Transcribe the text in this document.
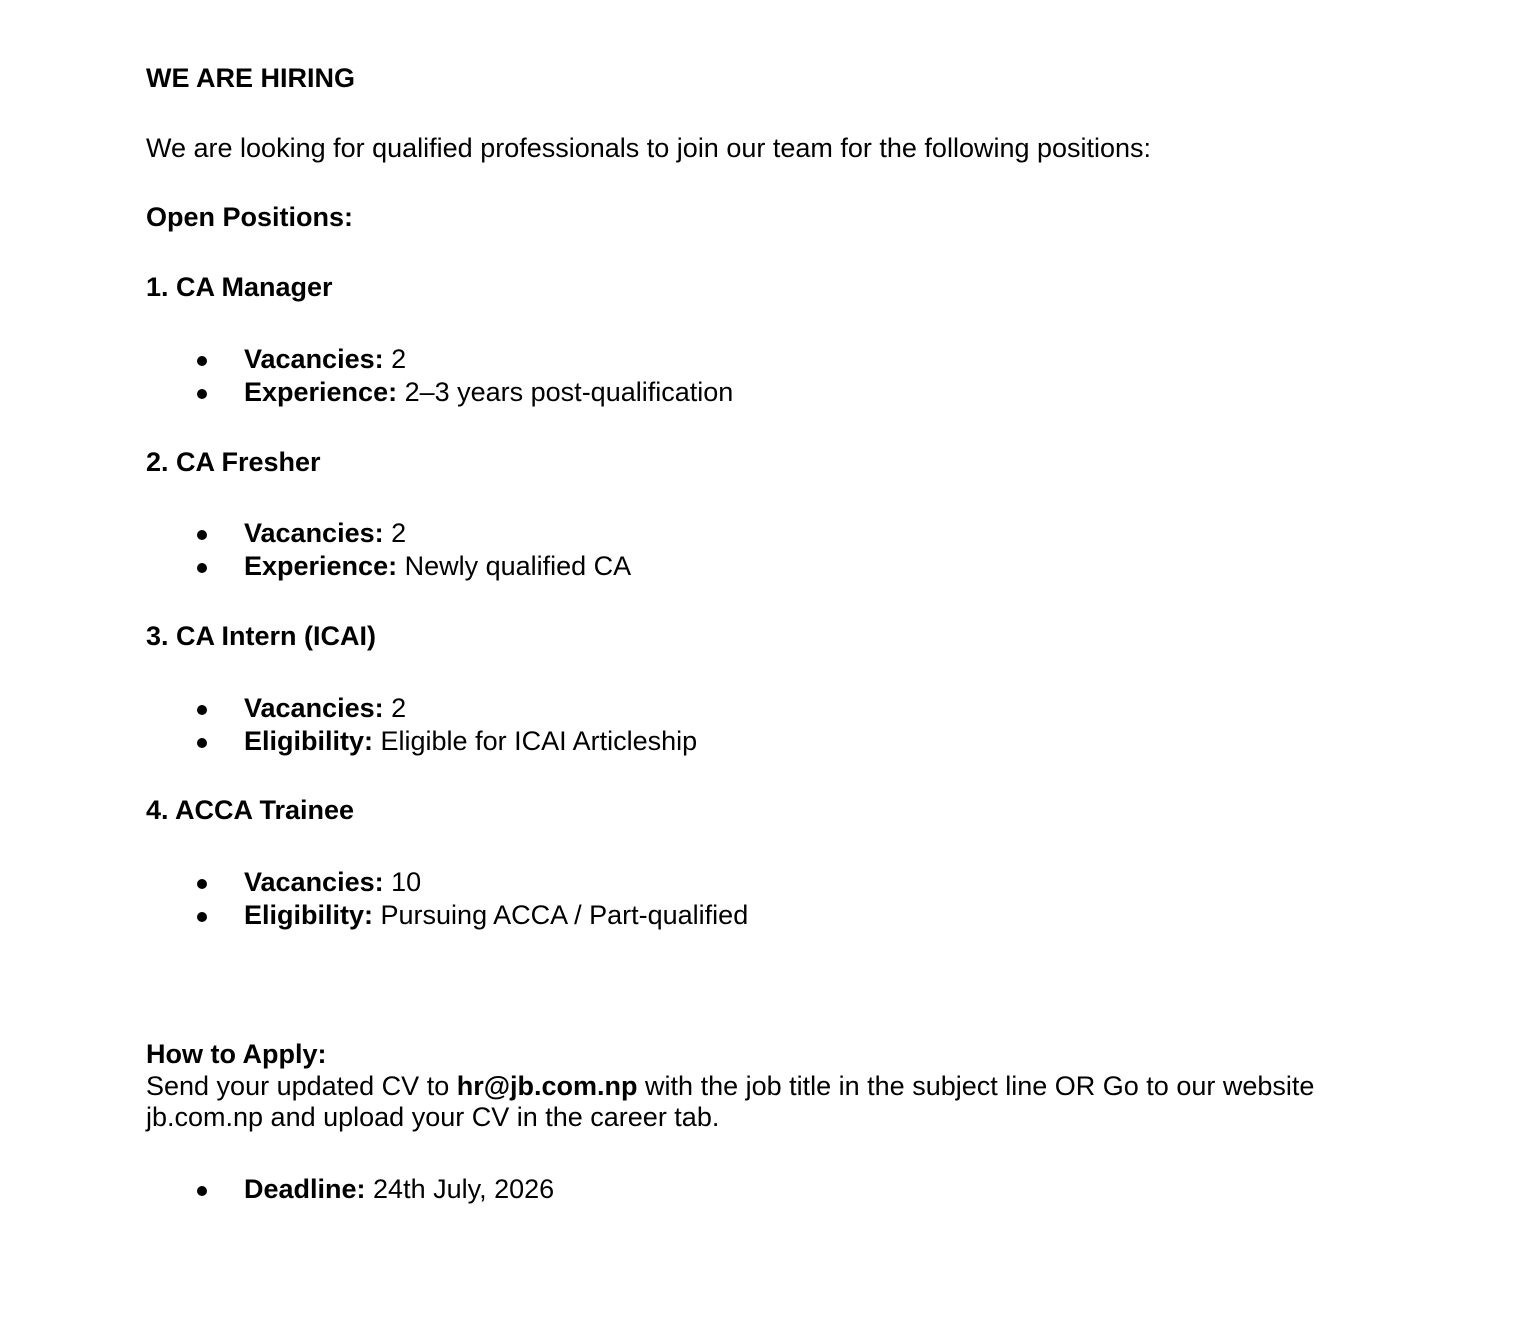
WE ARE HIRING
We are looking for qualified professionals to join our team for the following positions:
Open Positions:
1. CA Manager
Vacancies: 2
Experience: 2–3 years post-qualification
2. CA Fresher
Vacancies: 2
Experience: Newly qualified CA
3. CA Intern (ICAI)
Vacancies: 2
Eligibility: Eligible for ICAI Articleship
4. ACCA Trainee
Vacancies: 10
Eligibility: Pursuing ACCA / Part-qualified
How to Apply:
Send your updated CV to hr@jb.com.np with the job title in the subject line OR Go to our website
jb.com.np and upload your CV in the career tab.
Deadline: 24th July, 2026
